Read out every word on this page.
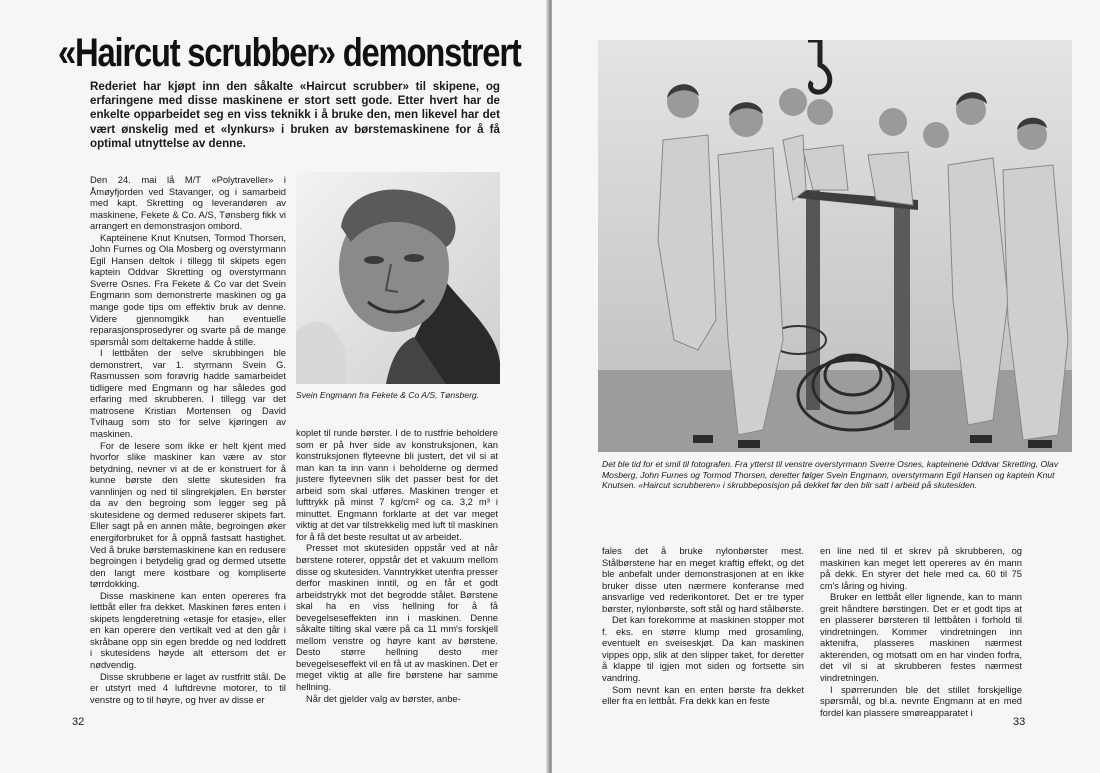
«Haircut scrubber» demonstrert

Rederiet har kjøpt inn den såkalte «Haircut scrubber» til skipene, og erfaringene med disse maskinene er stort sett gode. Etter hvert har de enkelte opparbeidet seg en viss teknikk i å bruke den, men likevel har det vært ønskelig med et «lynkurs» i bruken av børstemaskinene for å få optimal utnyttelse av denne.

Den 24. mai lå M/T «Polytraveller» i Åmøyfjorden ved Stavanger, og i samarbeid med kapt. Skretting og leverandøren av maskinene, Fekete & Co. A/S, Tønsberg fikk vi arrangert en demonstrasjon ombord.

Kapteinene Knut Knutsen, Tormod Thorsen, John Furnes og Ola Mosberg og overstyrmann Egil Hansen deltok i tillegg til skipets egen kaptein Oddvar Skretting og overstyrmann Sverre Osnes. Fra Fekete & Co var det Svein Engmann som demonstrerte maskinen og ga mange gode tips om effektiv bruk av denne. Videre gjennomgikk han eventuelle reparasjonsprosedyrer og svarte på de mange spørsmål som deltakerne hadde å stille.

I lettbåten der selve skrubbingen ble demonstrert, var 1. styrmann Svein G. Rasmussen som forøvrig hadde samarbeidet tidligere med Engmann og har således god erfaring med skrubberen. I tillegg var det matrosene Kristian Mortensen og David Tvihaug som sto for selve kjøringen av maskinen.

For de lesere som ikke er helt kjent med hvorfor slike maskiner kan være av stor betydning, nevner vi at de er konstruert for å kunne børste den slette skutesiden fra vannlinjen og ned til slingrekjølen. En børster da av den begroing som legger seg på skutesidene og dermed reduserer skipets fart. Eller sagt på en annen måte, begroingen øker energiforbruket for å oppnå fastsatt hastighet. Ved å bruke børstemaskinene kan en redusere begroingen i betydelig grad og dermed utsette den langt mere kostbare og kompliserte tørrdokking.

Disse maskinene kan enten opereres fra lettbåt eller fra dekket. Maskinen føres enten i skipets lengderetning «etasje for etasje», eller en kan operere den vertikalt ved at den går i skråbane opp sin egen bredde og ned loddrett i skutesidens høyde alt ettersom det er nødvendig.

Disse skrubbene er laget av rustfritt stål. De er utstyrt med 4 luftdrevne motorer, to til venstre og to til høyre, og hver av disse er

Svein Engmann fra Fekete & Co A/S, Tønsberg.

koplet til runde børster. I de to rustfrie beholdere som er på hver side av konstruksjonen, kan konstruksjonen flyteevne bli justert, det vil si at man kan ta inn vann i beholderne og dermed justere flyteevnen slik det passer best for det arbeid som skal utføres. Maskinen trenger et lufttrykk på minst 7 kg/cm² og ca. 3,2 m³ i minuttet. Engmann forklarte at det var meget viktig at det var tilstrekkelig med luft til maskinen for å få det beste resultat ut av arbeidet.

Presset mot skutesiden oppstår ved at når børstene roterer, oppstår det et vakuum mellom disse og skutesiden. Vanntrykket utenfra presser derfor maskinen inntil, og en får et godt arbeidstrykk mot det begrodde stålet. Børstene skal ha en viss hellning for å få bevegelseseffekten inn i maskinen. Denne såkalte tilting skal være på ca 11 mm's forskjell mellom venstre og høyre kant av børstene. Desto større hellning desto mer bevegelseseffekt vil en få ut av maskinen. Det er meget viktig at alle fire børstene har samme hellning.

Når det gjelder valg av børster, anbe-

32
Det ble tid for et smil til fotografen. Fra ytterst til venstre overstyrmann Sverre Osnes, kapteinene Oddvar Skretting, Olav Mosberg, John Furnes og Tormod Thorsen, deretter følger Svein Engmann, overstyrmann Egil Hansen og kaptein Knut Knutsen. «Haircut scrubberen» i skrubbeposisjon på dekket før den blir satt i arbeid på skutesiden.

fales det å bruke nylonbørster mest. Stålbørstene har en meget kraftig effekt, og det ble anbefalt under demonstrasjonen at en ikke bruker disse uten nærmere konferanse med ansvarlige ved rederikontoret. Det er tre typer børster, nylonbørste, soft stål og hard stålbørste.

Det kan forekomme at maskinen stopper mot f. eks. en større klump med grosamling, eventuelt en sveiseskjøt. Da kan maskinen vippes opp, slik at den slipper taket, for deretter å klappe til igjen mot siden og fortsette sin vandring.

Som nevnt kan en enten børste fra dekket eller fra en lettbåt. Fra dekk kan en feste

en line ned til et skrev på skrubberen, og maskinen kan meget lett opereres av én mann på dekk. En styrer det hele med ca. 60 til 75 cm's låring og hiving.

Bruker en lettbåt eller lignende, kan to mann greit håndtere børstingen. Det er et godt tips at en plasserer børsteren til lettbåten i forhold til vindretningen. Kommer vindretningen inn aktenifra, plasseres maskinen nærmest akterenden, og motsatt om en har vinden forfra, det vil si at skrubberen festes nærmest vindretningen.

I spørrerunden ble det stillet forskjellige spørsmål, og bl.a. nevnte Engmann at en med fordel kan plassere smøreapparatet i

33
